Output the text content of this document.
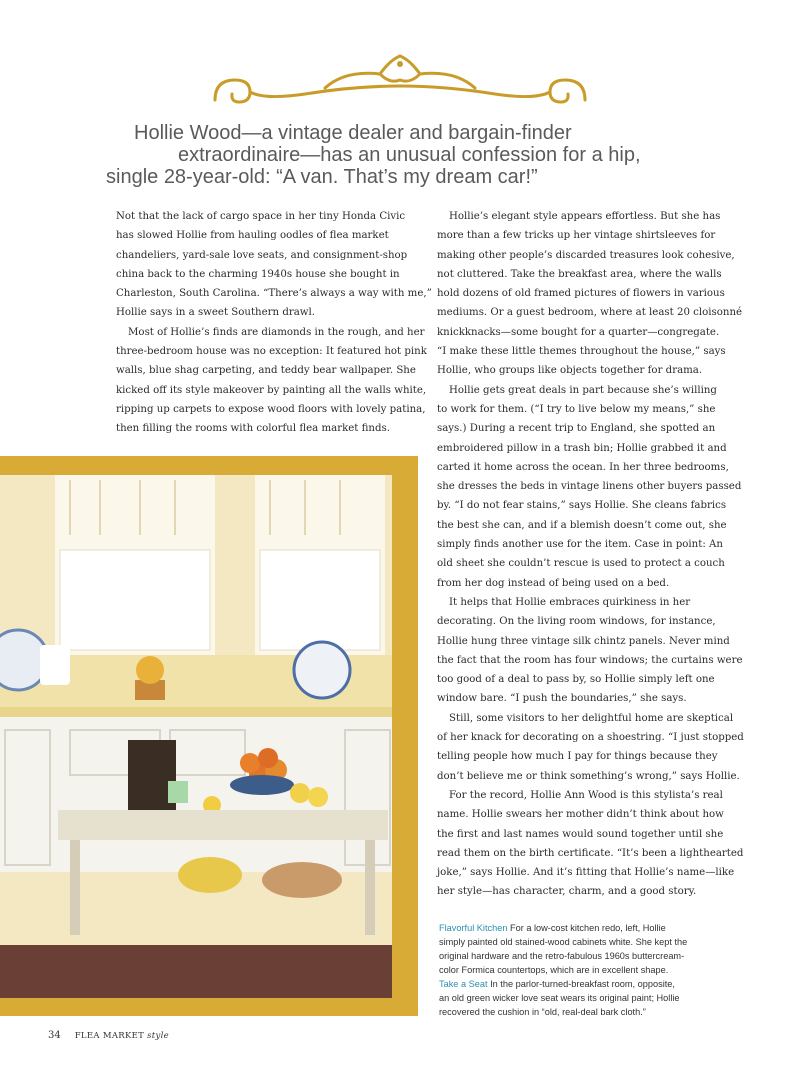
Hollie Wood—a vintage dealer and bargain-finder
extraordinaire—has an unusual confession for a hip,
single 28-year-old: “A van. That’s my dream car!”

Not that the lack of cargo space in her tiny Honda Civic

has slowed Hollie from hauling oodles of flea market

chandeliers, yard-sale love seats, and consignment-shop

china back to the charming 1940s house she bought in

Charleston, South Carolina. “There’s always a way with me,”

Hollie says in a sweet Southern drawl.

Most of Hollie’s finds are diamonds in the rough, and her

three-bedroom house was no exception: It featured hot pink

walls, blue shag carpeting, and teddy bear wallpaper. She

kicked off its style makeover by painting all the walls white,

ripping up carpets to expose wood floors with lovely patina,

then filling the rooms with colorful flea market finds.

Hollie’s elegant style appears effortless. But she has

more than a few tricks up her vintage shirtsleeves for

making other people’s discarded treasures look cohesive,

not cluttered. Take the breakfast area, where the walls

hold dozens of old framed pictures of flowers in various

mediums. Or a guest bedroom, where at least 20 cloisonné

knickknacks—some bought for a quarter—congregate.

“I make these little themes throughout the house,” says

Hollie, who groups like objects together for drama.

Hollie gets great deals in part because she’s willing

to work for them. (“I try to live below my means,” she

says.) During a recent trip to England, she spotted an

embroidered pillow in a trash bin; Hollie grabbed it and

carted it home across the ocean. In her three bedrooms,

she dresses the beds in vintage linens other buyers passed

by. “I do not fear stains,” says Hollie. She cleans fabrics

the best she can, and if a blemish doesn’t come out, she

simply finds another use for the item. Case in point: An

old sheet she couldn’t rescue is used to protect a couch

from her dog instead of being used on a bed.

It helps that Hollie embraces quirkiness in her

decorating. On the living room windows, for instance,

Hollie hung three vintage silk chintz panels. Never mind

the fact that the room has four windows; the curtains were

too good of a deal to pass by, so Hollie simply left one

window bare. “I push the boundaries,” she says.

Still, some visitors to her delightful home are skeptical

of her knack for decorating on a shoestring. “I just stopped

telling people how much I pay for things because they

don’t believe me or think something’s wrong,” says Hollie.

For the record, Hollie Ann Wood is this stylista’s real

name. Hollie swears her mother didn’t think about how

the first and last names would sound together until she

read them on the birth certificate. “It’s been a lighthearted

joke,” says Hollie. And it’s fitting that Hollie’s name—like

her style—has character, charm, and a good story.

Flavorful Kitchen For a low-cost kitchen redo, left, Hollie
simply painted old stained-wood cabinets white. She kept the
original hardware and the retro-fabulous 1960s buttercream-
color Formica countertops, which are in excellent shape.
Take a Seat In the parlor-turned-breakfast room, opposite,
an old green wicker love seat wears its original paint; Hollie
recovered the cushion in “old, real-deal bark cloth.”
34 FLEA MARKET style
